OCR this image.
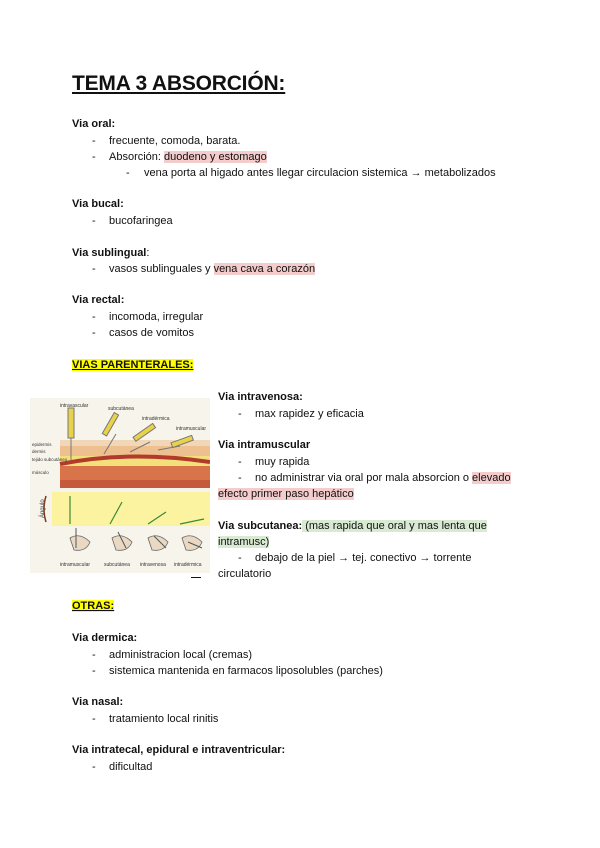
TEMA 3 ABSORCIÓN:
Via oral:
- frecuente, comoda, barata.
- Absorción: duodeno y estomago
- vena porta al higado antes llegar circulacion sistemica → metabolizados
Via bucal:
- bucofaringea
Via sublingual:
- vasos sublinguales y vena cava a corazón
Via rectal:
- incomoda, irregular
- casos de vomitos
VIAS PARENTERALES:
intravascular	subcutánea
intradérmica
intramuscular
epidermis
dermis
tejido subcutáneo
músculo
Ángulo
intramuscular	subcutánea intravenosa intradérmica
Via intravenosa:
- max rapidez y eficacia
Via intramuscular
- muy rapida
- no administrar via oral por mala absorcion o elevado
efecto primer paso hepático
Via subcutanea: (mas rapida que oral y mas lenta que
intramusc)
- debajo de la piel → tej. conectivo → torrente
circulatorio
OTRAS:
Via dermica:
- administracion local (cremas)
- sistemica mantenida en farmacos liposolubles (parches)
Via nasal:
- tratamiento local rinitis
Via intratecal, epidural e intraventricular:
- dificultad
